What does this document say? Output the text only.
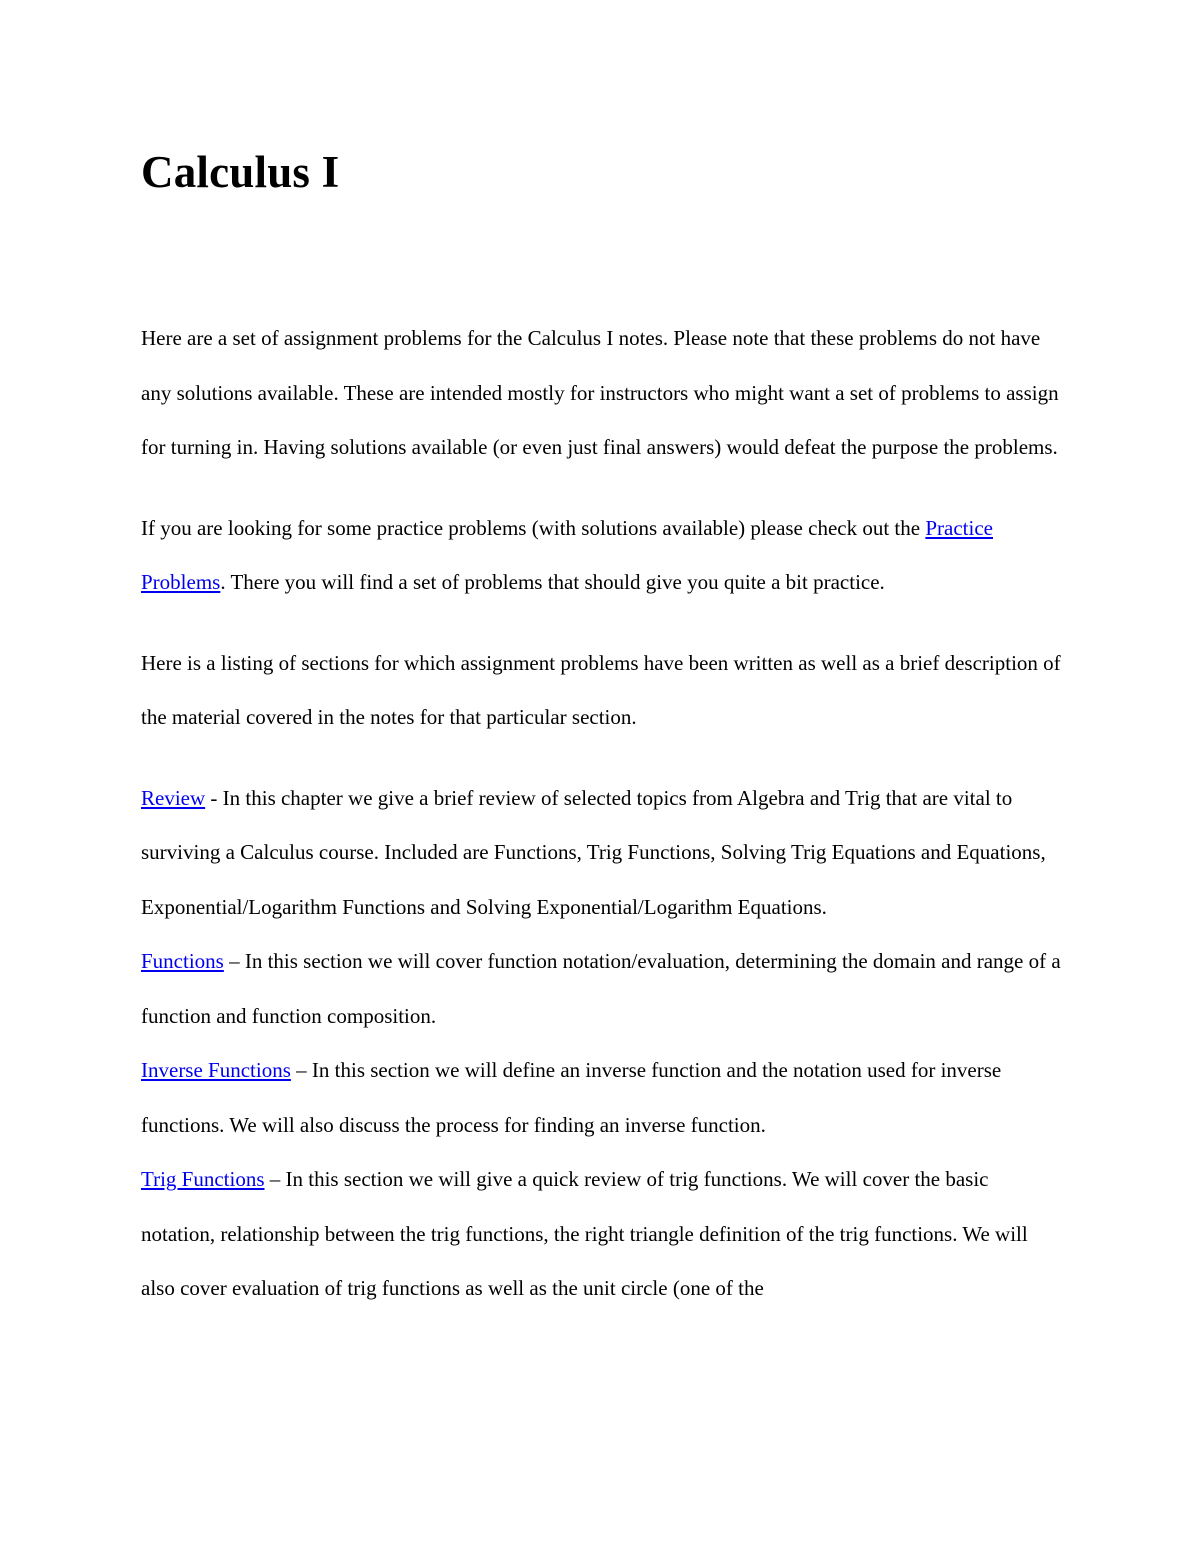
Calculus I

Here are a set of assignment problems for the Calculus I notes. Please note that these problems do not have any solutions available. These are intended mostly for instructors who might want a set of problems to assign for turning in. Having solutions available (or even just final answers) would defeat the purpose the problems.

If you are looking for some practice problems (with solutions available) please check out the Practice Problems. There you will find a set of problems that should give you quite a bit practice.

Here is a listing of sections for which assignment problems have been written as well as a brief description of the material covered in the notes for that particular section.

Review - In this chapter we give a brief review of selected topics from Algebra and Trig that are vital to surviving a Calculus course. Included are Functions, Trig Functions, Solving Trig Equations and Equations, Exponential/Logarithm Functions and Solving Exponential/Logarithm Equations.

Functions – In this section we will cover function notation/evaluation, determining the domain and range of a function and function composition.

Inverse Functions – In this section we will define an inverse function and the notation used for inverse functions. We will also discuss the process for finding an inverse function.

Trig Functions – In this section we will give a quick review of trig functions. We will cover the basic notation, relationship between the trig functions, the right triangle definition of the trig functions. We will also cover evaluation of trig functions as well as the unit circle (one of the
